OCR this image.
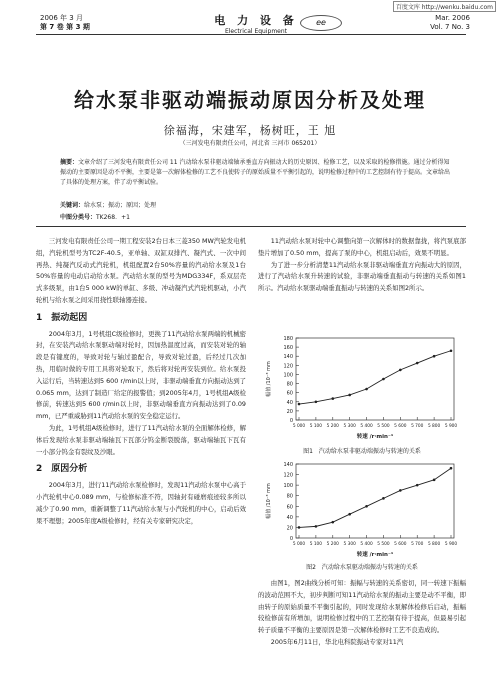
百度文库 http://wenku.baidu.com
2006 年 3 月
第 7 卷 第 3 期	电 力 设 备
Electrical Equipment
ee	Mar. 2006
Vol. 7 No. 3
给水泵非驱动端振动原因分析及处理
徐福海，宋建军，杨树旺，王 旭
（三河发电有限责任公司，河北省 三河市 065201）
摘要：文章介绍了三河发电有限责任公司 11 汽动给水泵非驱动端轴承垂直方向振动大的历史原因、检修工艺，以及采取的检修措施。通过分析得知振动的主要原因是动不平衡，主要是第一次解体检修的工艺不良使转子的原始质量不平衡引起的，说明检修过程中的工艺控制有待于提高。文章给出了具体的处理方案，伴了动平衡试验。
关键词：给水泵；振动；原因；处理
中图分类号：TK268．+1

三河发电有限责任公司一期工程安装2台日本三菱350 MW汽轮发电机组，汽轮机型号为TC2F-40.5，亚单轴、双缸双排汽、凝汽式、一次中间再热、纯凝汽反动式汽轮机，机组配置2台50%容量的汽动给水泵及1台50%容量的电动启动给水泵。汽动给水泵的型号为MDG334F，系双层壳式多级泵，由1台5 000 kW的单缸、多级、冲动凝汽式汽轮机驱动，小汽轮机与给水泵之间采用挠性联轴器连接。

1　振动起因

2004年3月，1号机组C级检修时，更换了11汽动给水泵两端的机械密封，在安装汽动给水泵驱动端对轮时，因加热温度过高，而安装对轮的轴段是有键度的，导致对轮与轴过盈配合，导致对轮过盈，后经过几次加热，用临时做的专用工具将对轮取下，然后将对轮再安装到位。给水泵投入运行后，当转速达到5 600 r/min以上时，非驱动端垂直方向振动达到了0.065 mm，达到了制造厂给定的报警值；到2005年4月，1号机组A级检修前，转速达到5 600 r/min以上时，非驱动端垂直方向振动达到了0.09 mm，已严重威胁到11汽动给水泵的安全稳定运行。

为此，1号机组A级检修时，进行了11汽动给水泵的全面解体检修，解体后发现给水泵非驱动端轴瓦下瓦部分钨金断裂脱落，驱动端轴瓦下瓦有一小部分钨金有裂纹及沙眼。

2　原因分析

2004年3月，进行11汽动给水泵检修时，发现11汽动给水泵中心高于小汽轮机中心0.089 mm，与检修标准不符，因轴封有碰磨痕迹较多所以减少了0.90 mm，重新调整了11汽动给水泵与小汽轮机的中心，启动后效果不理想；2005年度A级检修时，经有关专家研究决定，

11汽动给水泵对轮中心调整向第一次解体时的数据靠拢，将汽泵底部垫片增加了0.50 mm，提高了泵的中心，机组启动后，效果不明显。

为了进一步分析清楚11汽动给水泵非驱动端垂直方向振动大的原因，进行了汽动给水泵升转速的试验，非驱动端垂直振动与转速的关系如图1所示。汽动给水泵驱动端垂直振动与转速的关系如图2所示。

0
20
40
60
80
100
120
140
160
180
5 000 5 100 5 200 5 300 5 400 5 500 5 600 5 700 5 800 5 900
转速 /r·min⁻¹
幅值 /10⁻³ mm
图1　汽动给水泵非驱动端振动与转速的关系
0
20
40
60
80
100
120
140
5 000 5 100 5 200 5 300 5 400 5 500 5 600 5 700 5 800 5 900
转速 /r·min⁻¹
幅值 /10⁻³ mm
图2　汽动给水泵驱动端振动与转速的关系

由图1，图2曲线分析可知：振幅与转速的关系密切，同一转速下振幅的波动范围不大，初步判断可知11汽动给水泵的振动主要是动不平衡，即由转子的原始质量不平衡引起的，同时发现给水泵解体检修后启动，振幅较检修前有所增加，说明检修过程中的工艺控制有待于提高，但最易引起转子质量不平衡的主要原因是第一次解体检修时工艺不良造成的。

2005年6月11日，华北电科院振动专家对11汽
